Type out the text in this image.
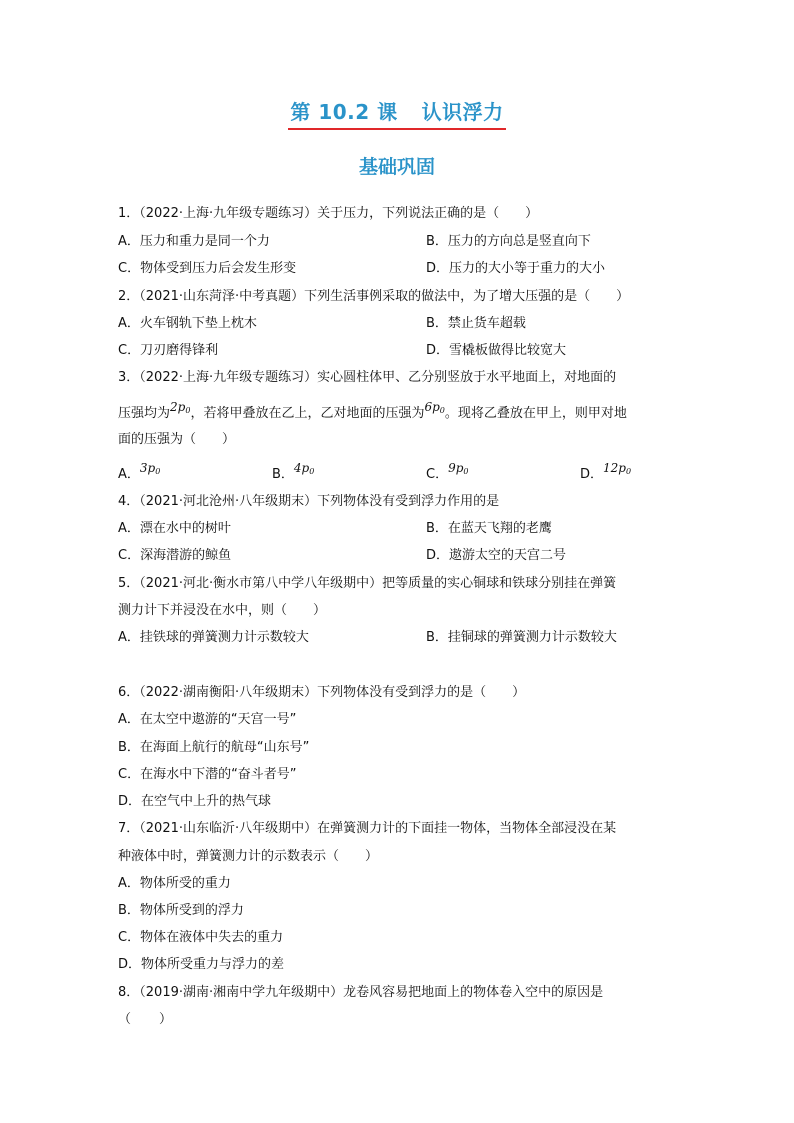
第 10.2 课 认识浮力
基础巩固
1．（2022·上海·九年级专题练习）关于压力，下列说法正确的是（　　）
A．压力和重力是同一个力	B．压力的方向总是竖直向下
C．物体受到压力后会发生形变	D．压力的大小等于重力的大小
2．（2021·山东菏泽·中考真题）下列生活事例采取的做法中，为了增大压强的是（　　）
A．火车钢轨下垫上枕木	B．禁止货车超载
C．刀刃磨得锋利	D．雪橇板做得比较宽大
3．（2022·上海·九年级专题练习）实心圆柱体甲、乙分别竖放于水平地面上，对地面的
压强均为$2p_0$，若将甲叠放在乙上，乙对地面的压强为$6p_0$。现将乙叠放在甲上，则甲对地
面的压强为（　　）
A．$3p_0$	B．$4p_0$	C．$9p_0$	D．$12p_0$
4．（2021·河北沧州·八年级期末）下列物体没有受到浮力作用的是
A．漂在水中的树叶	B．在蓝天飞翔的老鹰
C．深海潜游的鲸鱼	D．遨游太空的天宫二号
5．（2021·河北·衡水市第八中学八年级期中）把等质量的实心铜球和铁球分别挂在弹簧
测力计下并浸没在水中，则（　　）
A．挂铁球的弹簧测力计示数较大	B．挂铜球的弹簧测力计示数较大
6．（2022·湖南衡阳·八年级期末）下列物体没有受到浮力的是（　　）
A．在太空中遨游的“天宫一号”
B．在海面上航行的航母“山东号”
C．在海水中下潜的“奋斗者号”
D．在空气中上升的热气球
7．（2021·山东临沂·八年级期中）在弹簧测力计的下面挂一物体，当物体全部浸没在某
种液体中时，弹簧测力计的示数表示（　　）
A．物体所受的重力
B．物体所受到的浮力
C．物体在液体中失去的重力
D．物体所受重力与浮力的差
8．（2019·湖南·湘南中学九年级期中）龙卷风容易把地面上的物体卷入空中的原因是
（ ）
